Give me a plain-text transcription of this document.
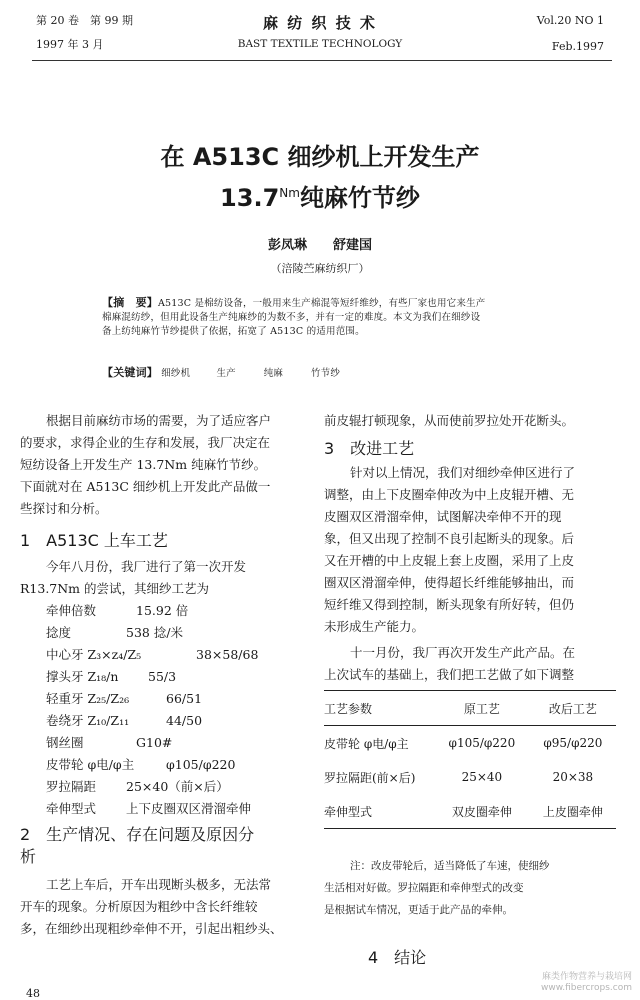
第 20 卷　第 99 期
1997 年 3 月
麻 纺 织 技 术
BAST TEXTILE TECHNOLOGY
Vol.20 NO 1
Feb.1997
在 A513C 细纱机上开发生产
$13.7^{Nm}$纯麻竹节纱
彭凤琳　　舒建国
（涪陵苎麻纺织厂）
【摘　要】A513C 是棉纺设备，一般用来生产棉混等短纤维纱，有些厂家也用它来生产
棉麻混纺纱，但用此设备生产纯麻纱的为数不多，并有一定的难度。本文为我们在细纱设
备上纺纯麻竹节纱提供了依据，拓宽了 A513C 的适用范围。
【关键词】 细纱机	生产	纯麻	竹节纱
根据目前麻纺市场的需要，为了适应客户
的要求，求得企业的生存和发展，我厂决定在
短纺设备上开发生产 13.7Nm 纯麻竹节纱。
下面就对在 A513C 细纱机上开发此产品做一
些探讨和分析。
1　A513C 上车工艺
今年八月份，我厂进行了第一次开发
R13.7Nm 的尝试，其细纱工艺为
牵伸倍数	15.92 倍
捻度	538 捻/米
中心牙 Z₃×z₄/Z₅	38×58/68
撑头牙 Z₁₈/n 55/3
轻重牙 Z₂₅/Z₂₆	66/51
卷绕牙 Z₁₀/Z₁₁	44/50
钢丝圈	G10#
皮带轮 φ电/φ主	φ105/φ220
罗拉隔距 25×40（前×后）
牵伸型式 上下皮圈双区滑溜牵伸
2　生产情况、存在问题及原因分
析
工艺上车后，开车出现断头极多，无法常
开车的现象。分析原因为粗纱中含长纤维较
多，在细纱出现粗纱牵伸不开，引起出粗纱头、
48
前皮辊打顿现象，从而使前罗拉处开花断头。
3　改进工艺
针对以上情况，我们对细纱牵伸区进行了
调整，由上下皮圈牵伸改为中上皮辊开槽、无
皮圈双区滑溜牵伸，试图解决牵伸不开的现
象，但又出现了控制不良引起断头的现象。后
又在开槽的中上皮辊上套上皮圈，采用了上皮
圈双区滑溜牵伸，使得超长纤维能够抽出，而
短纤维又得到控制，断头现象有所好转，但仍
未形成生产能力。
十一月份，我厂再次开发生产此产品。在
上次试车的基础上，我们把工艺做了如下调整
工艺参数	原工艺	改后工艺
皮带轮 φ电/φ主	φ105/φ220	φ95/φ220
罗拉隔距(前×后)	25×40	20×38
牵伸型式	双皮圈牵伸	上皮圈牵伸
注：改皮带轮后，适当降低了车速，使细纱
生活相对好做。罗拉隔距和牵伸型式的改变
是根据试车情况，更适于此产品的牵伸。
4　结论
麻类作物营养与栽培网
www.fibercrops.com
